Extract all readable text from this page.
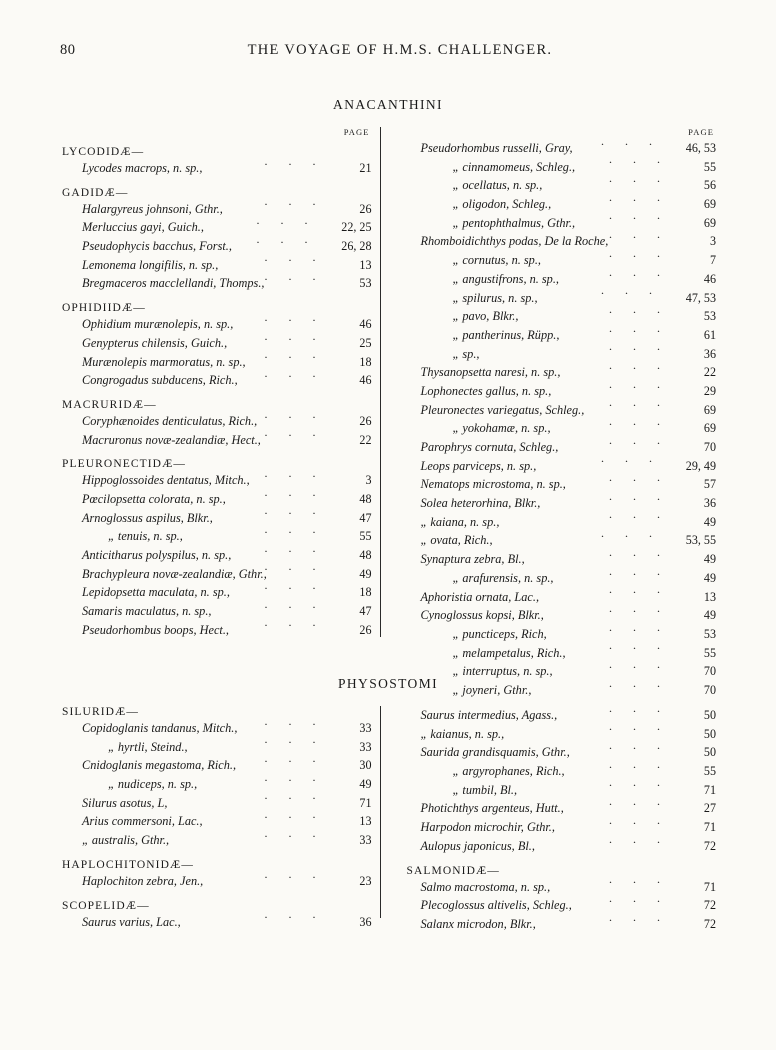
80	THE VOYAGE OF H.M.S. CHALLENGER.
ANACANTHINI
PAGE
LYCODIDÆ—
Lycodes macrops, n. sp.,
. . .
21
GADIDÆ—
Halargyreus johnsoni, Gthr.,
. . .
26
Merluccius gayi, Guich.,
. . .
22, 25
Pseudophycis bacchus, Forst.,
. . .
26, 28
Lemonema longifilis, n. sp.,
. . .
13
Bregmaceros macclellandi, Thomps.,
. . .
53
OPHIDIIDÆ—
Ophidium murænolepis, n. sp.,
. . .
46
Genypterus chilensis, Guich.,
. . .
25
Murænolepis marmoratus, n. sp.,
. . .
18
Congrogadus subducens, Rich.,
. . .
46
MACRURIDÆ—
Coryphænoides denticulatus, Rich.,
. . .
26
Macruronus novæ-zealandiæ, Hect.,
. . .
22
PLEURONECTIDÆ—
Hippoglossoides dentatus, Mitch.,
. . .
3
Pœcilopsetta colorata, n. sp.,
. . .
48
Arnoglossus aspilus, Blkr.,
. . .
47
„ tenuis, n. sp.,
. . .
55
Anticitharus polyspilus, n. sp.,
. . .
48
Brachypleura novæ-zealandiæ, Gthr.,
. . .
49
Lepidopsetta maculata, n. sp.,
. . .
18
Samaris maculatus, n. sp.,
. . .
47
Pseudorhombus boops, Hect.,
. . .
26
PAGE
Pseudorhombus russelli, Gray,
. . .
46, 53
„ cinnamomeus, Schleg.,
. . .
55
„ ocellatus, n. sp.,
. . .
56
„ oligodon, Schleg.,
. . .
69
„ pentophthalmus, Gthr.,
. . .
69
Rhomboidichthys podas, De la Roche,
. . .
3
„ cornutus, n. sp.,
. . .
7
„ angustifrons, n. sp.,
. . .
46
„ spilurus, n. sp.,
. . .
47, 53
„ pavo, Blkr.,
. . .
53
„ pantherinus, Rüpp.,
. . .
61
„ sp.,
. . .
36
Thysanopsetta naresi, n. sp.,
. . .
22
Lophonectes gallus, n. sp.,
. . .
29
Pleuronectes variegatus, Schleg.,
. . .
69
„ yokohamæ, n. sp.,
. . .
69
Parophrys cornuta, Schleg.,
. . .
70
Leops parviceps, n. sp.,
. . .
29, 49
Nematops microstoma, n. sp.,
. . .
57
Solea heterorhina, Blkr.,
. . .
36
„ kaiana, n. sp.,
. . .
49
„ ovata, Rich.,
. . .
53, 55
Synaptura zebra, Bl.,
. . .
49
„ arafurensis, n. sp.,
. . .
49
Aphoristia ornata, Lac.,
. . .
13
Cynoglossus kopsi, Blkr.,
. . .
49
„ puncticeps, Rich,
. . .
53
„ melampetalus, Rich.,
. . .
55
„ interruptus, n. sp.,
. . .
70
„ joyneri, Gthr.,
. . .
70
PHYSOSTOMI
SILURIDÆ—
Copidoglanis tandanus, Mitch.,
. . .
33
„ hyrtli, Steind.,
. . .
33
Cnidoglanis megastoma, Rich.,
. . .
30
„ nudiceps, n. sp.,
. . .
49
Silurus asotus, L,
. . .
71
Arius commersoni, Lac.,
. . .
13
„ australis, Gthr.,
. . .
33
HAPLOCHITONIDÆ—
Haplochiton zebra, Jen.,
. . .
23
SCOPELIDÆ—
Saurus varius, Lac.,
. . .
36
Saurus intermedius, Agass.,
. . .
50
„ kaianus, n. sp.,
. . .
50
Saurida grandisquamis, Gthr.,
. . .
50
„ argyrophanes, Rich.,
. . .
55
„ tumbil, Bl.,
. . .
71
Photichthys argenteus, Hutt.,
. . .
27
Harpodon microchir, Gthr.,
. . .
71
Aulopus japonicus, Bl.,
. . .
72
SALMONIDÆ—
Salmo macrostoma, n. sp.,
. . .
71
Plecoglossus altivelis, Schleg.,
. . .
72
Salanx microdon, Blkr.,
. . .
72
